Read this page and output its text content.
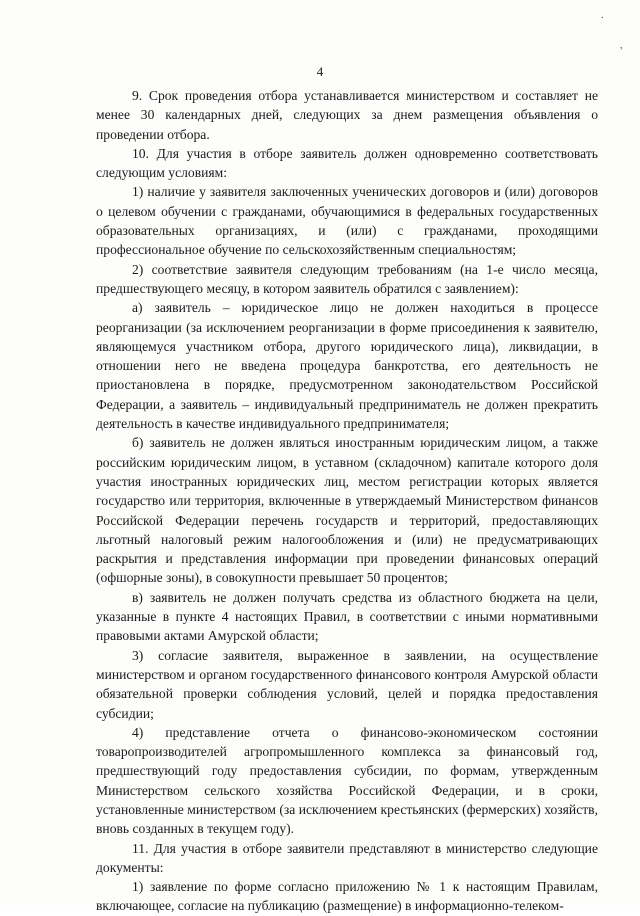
.
,
4

9. Срок проведения отбора устанавливается министерством и составляет не менее 30 календарных дней, следующих за днем размещения объявления о проведении отбора.

10. Для участия в отборе заявитель должен одновременно соответствовать следующим условиям:

1) наличие у заявителя заключенных ученических договоров и (или) договоров о целевом обучении с гражданами, обучающимися в федеральных государственных образовательных организациях, и (или) с гражданами, проходящими профессиональное обучение по сельскохозяйственным специальностям;

2) соответствие заявителя следующим требованиям (на 1-е число месяца, предшествующего месяцу, в котором заявитель обратился с заявлением):

а) заявитель – юридическое лицо не должен находиться в процессе реорганизации (за исключением реорганизации в форме присоединения к заявителю, являющемуся участником отбора, другого юридического лица), ликвидации, в отношении него не введена процедура банкротства, его деятельность не приостановлена в порядке, предусмотренном законодательством Российской Федерации, а заявитель – индивидуальный предприниматель не должен прекратить деятельность в качестве индивидуального предпринимателя;

б) заявитель не должен являться иностранным юридическим лицом, а также российским юридическим лицом, в уставном (складочном) капитале которого доля участия иностранных юридических лиц, местом регистрации которых является государство или территория, включенные в утверждаемый Министерством финансов Российской Федерации перечень государств и территорий, предоставляющих льготный налоговый режим налогообложения и (или) не предусматривающих раскрытия и представления информации при проведении финансовых операций (офшорные зоны), в совокупности превышает 50 процентов;

в) заявитель не должен получать средства из областного бюджета на цели, указанные в пункте 4 настоящих Правил, в соответствии с иными нормативными правовыми актами Амурской области;

3) согласие заявителя, выраженное в заявлении, на осуществление министерством и органом государственного финансового контроля Амурской области обязательной проверки соблюдения условий, целей и порядка предоставления субсидии;

4) представление отчета о финансово-экономическом состоянии товаропроизводителей агропромышленного комплекса за финансовый год, предшествующий году предоставления субсидии, по формам, утвержденным Министерством сельского хозяйства Российской Федерации, и в сроки, установленные министерством (за исключением крестьянских (фермерских) хозяйств, вновь созданных в текущем году).

11. Для участия в отборе заявители представляют в министерство следующие документы:

1) заявление по форме согласно приложению № 1 к настоящим Правилам, включающее, согласие на публикацию (размещение) в информационно-телеком-
